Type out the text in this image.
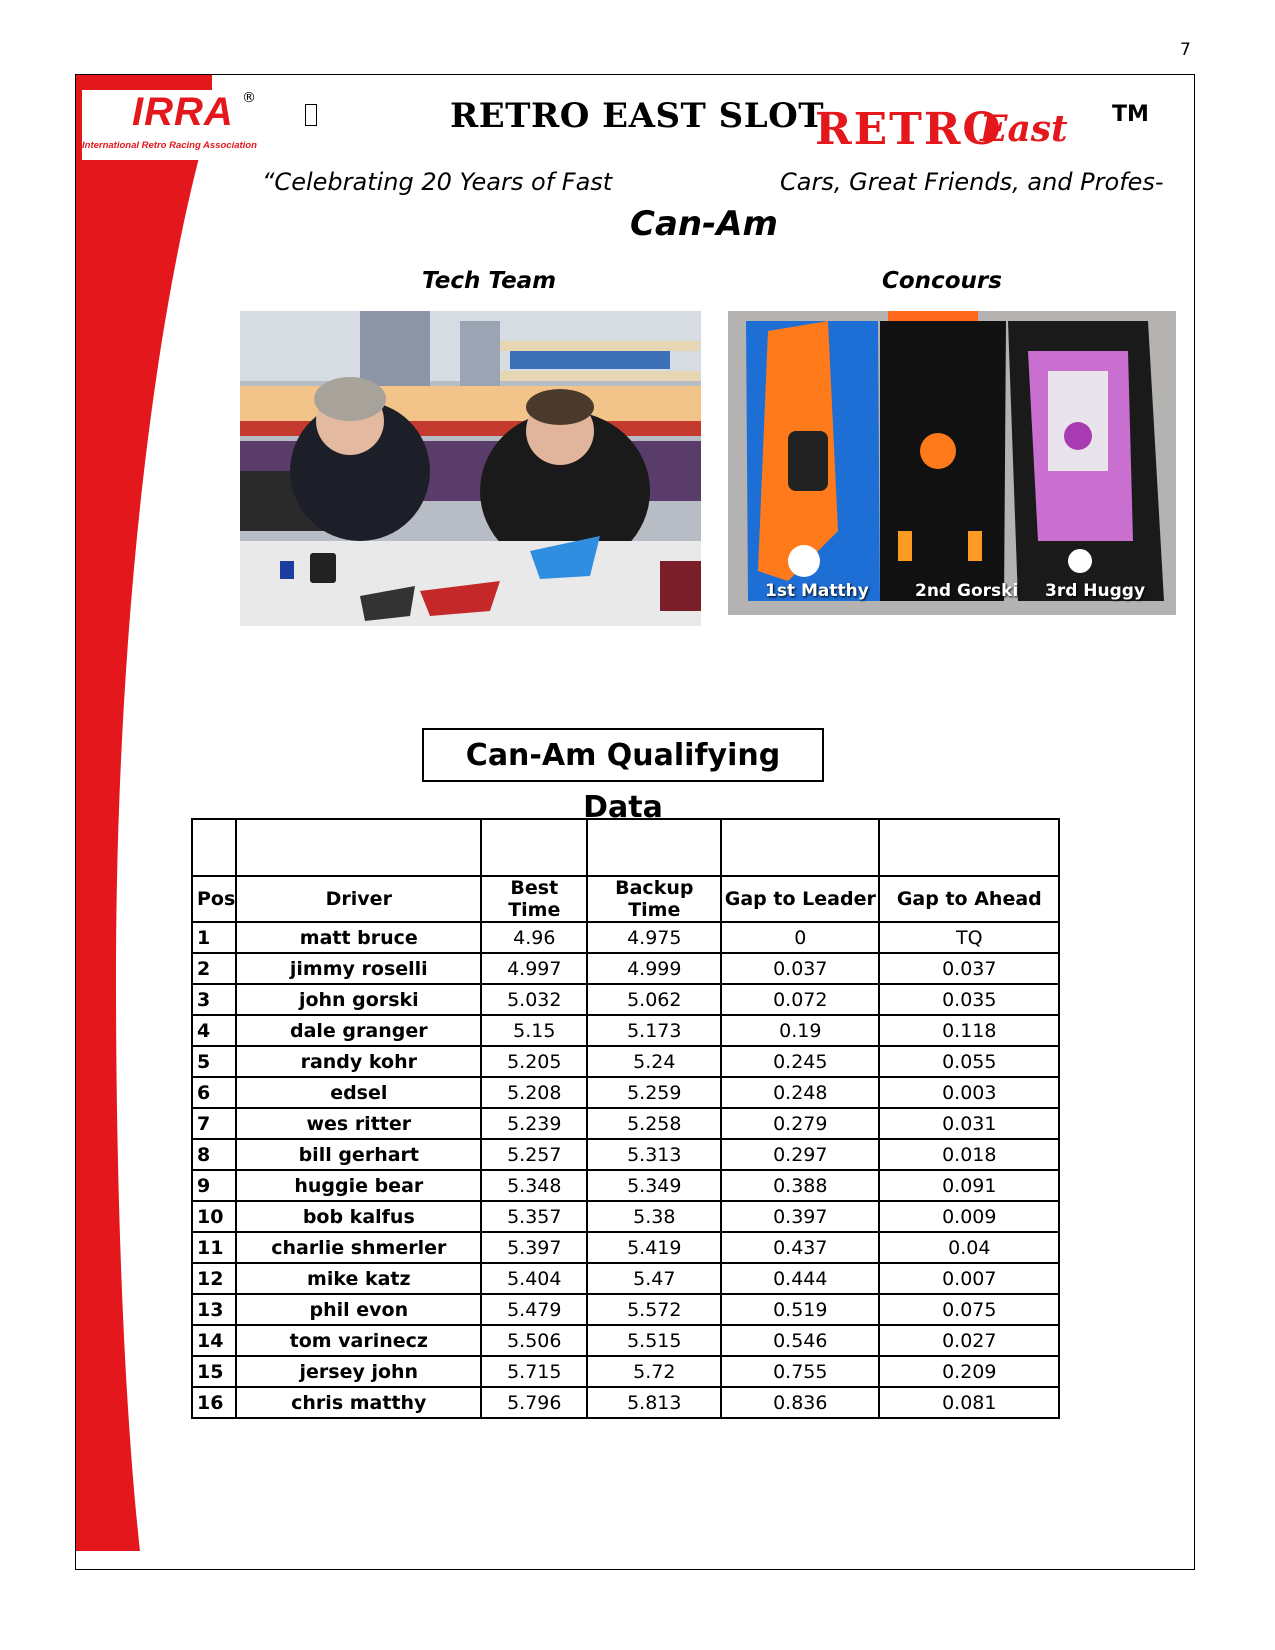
7
IRRA ®
International Retro Racing Association
RETRO EAST SLOT
RETRO
East TM
“Celebrating 20 Years of Fast	Cars, Great Friends, and Profes-
Can-Am
Tech Team	Concours
1st Matthy	2nd Gorski 3rd Huggy
Can-Am Qualifying Data

Pos	Driver	Best Time	Backup Time	Gap to Leader	Gap to Ahead
1	matt bruce	4.96	4.975	0	TQ
2	jimmy roselli	4.997	4.999	0.037	0.037
3	john gorski	5.032	5.062	0.072	0.035
4	dale granger	5.15	5.173	0.19	0.118
5	randy kohr	5.205	5.24	0.245	0.055
6	edsel	5.208	5.259	0.248	0.003
7	wes ritter	5.239	5.258	0.279	0.031
8	bill gerhart	5.257	5.313	0.297	0.018
9	huggie bear	5.348	5.349	0.388	0.091
10	bob kalfus	5.357	5.38	0.397	0.009
11	charlie shmerler	5.397	5.419	0.437	0.04
12	mike katz	5.404	5.47	0.444	0.007
13	phil evon	5.479	5.572	0.519	0.075
14	tom varinecz	5.506	5.515	0.546	0.027
15	jersey john	5.715	5.72	0.755	0.209
16	chris matthy	5.796	5.813	0.836	0.081
